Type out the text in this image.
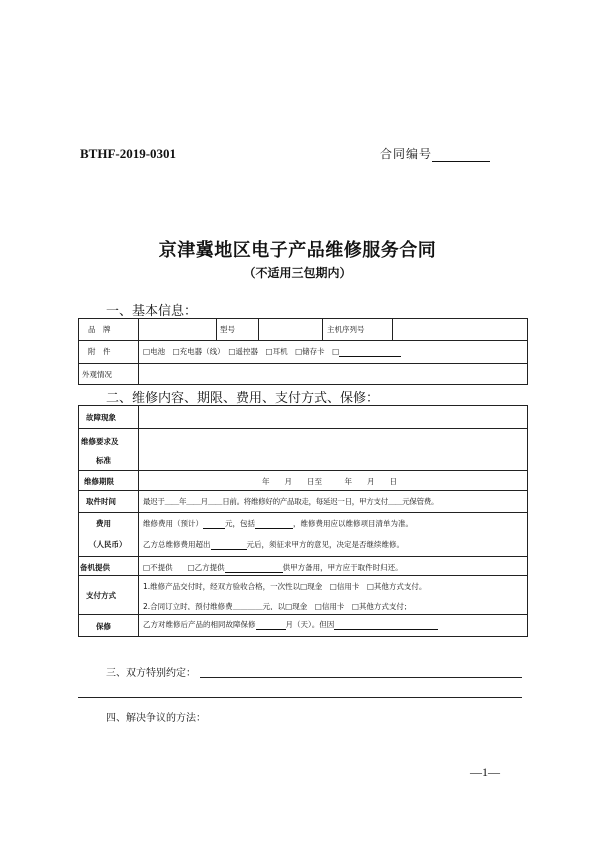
BTHF-2019-0301	合同编号
京津冀地区电子产品维修服务合同
（不适用三包期内）
一、基本信息：
品　牌	型号	主机序列号
附　件	□电池　□充电器（线）　□遥控器　□耳机　□储存卡　□
外观情况
二、维修内容、期限、费用、支付方式、保修：
故障现象
维修要求及
标准
维修期限	年　　月　　日至　　　年　　月　　日
取件时间	最迟于＿＿年＿＿月＿＿日前。将维修好的产品取走，每延迟一日，甲方支付＿＿元保管费。
费用
（人民币）
维修费用（预计）	元，包括	，维修费用应以维修项目清单为准。
乙方总维修费用超出	元后，须征求甲方的意见，决定是否继续维修。
备机提供	□不提供　　□乙方提供	供甲方备用，甲方应于取件时归还。
支付方式
1.维修产品交付时，经双方验收合格，一次性以□现金　□信用卡　□其他方式支付。
2.合同订立时，预付维修费＿＿＿＿元，以□现金　□信用卡　□其他方式支付；
保修	乙方对维修后产品的相同故障保修	月（天）。但因
三、双方特别约定：
四、解决争议的方法：
—1—
